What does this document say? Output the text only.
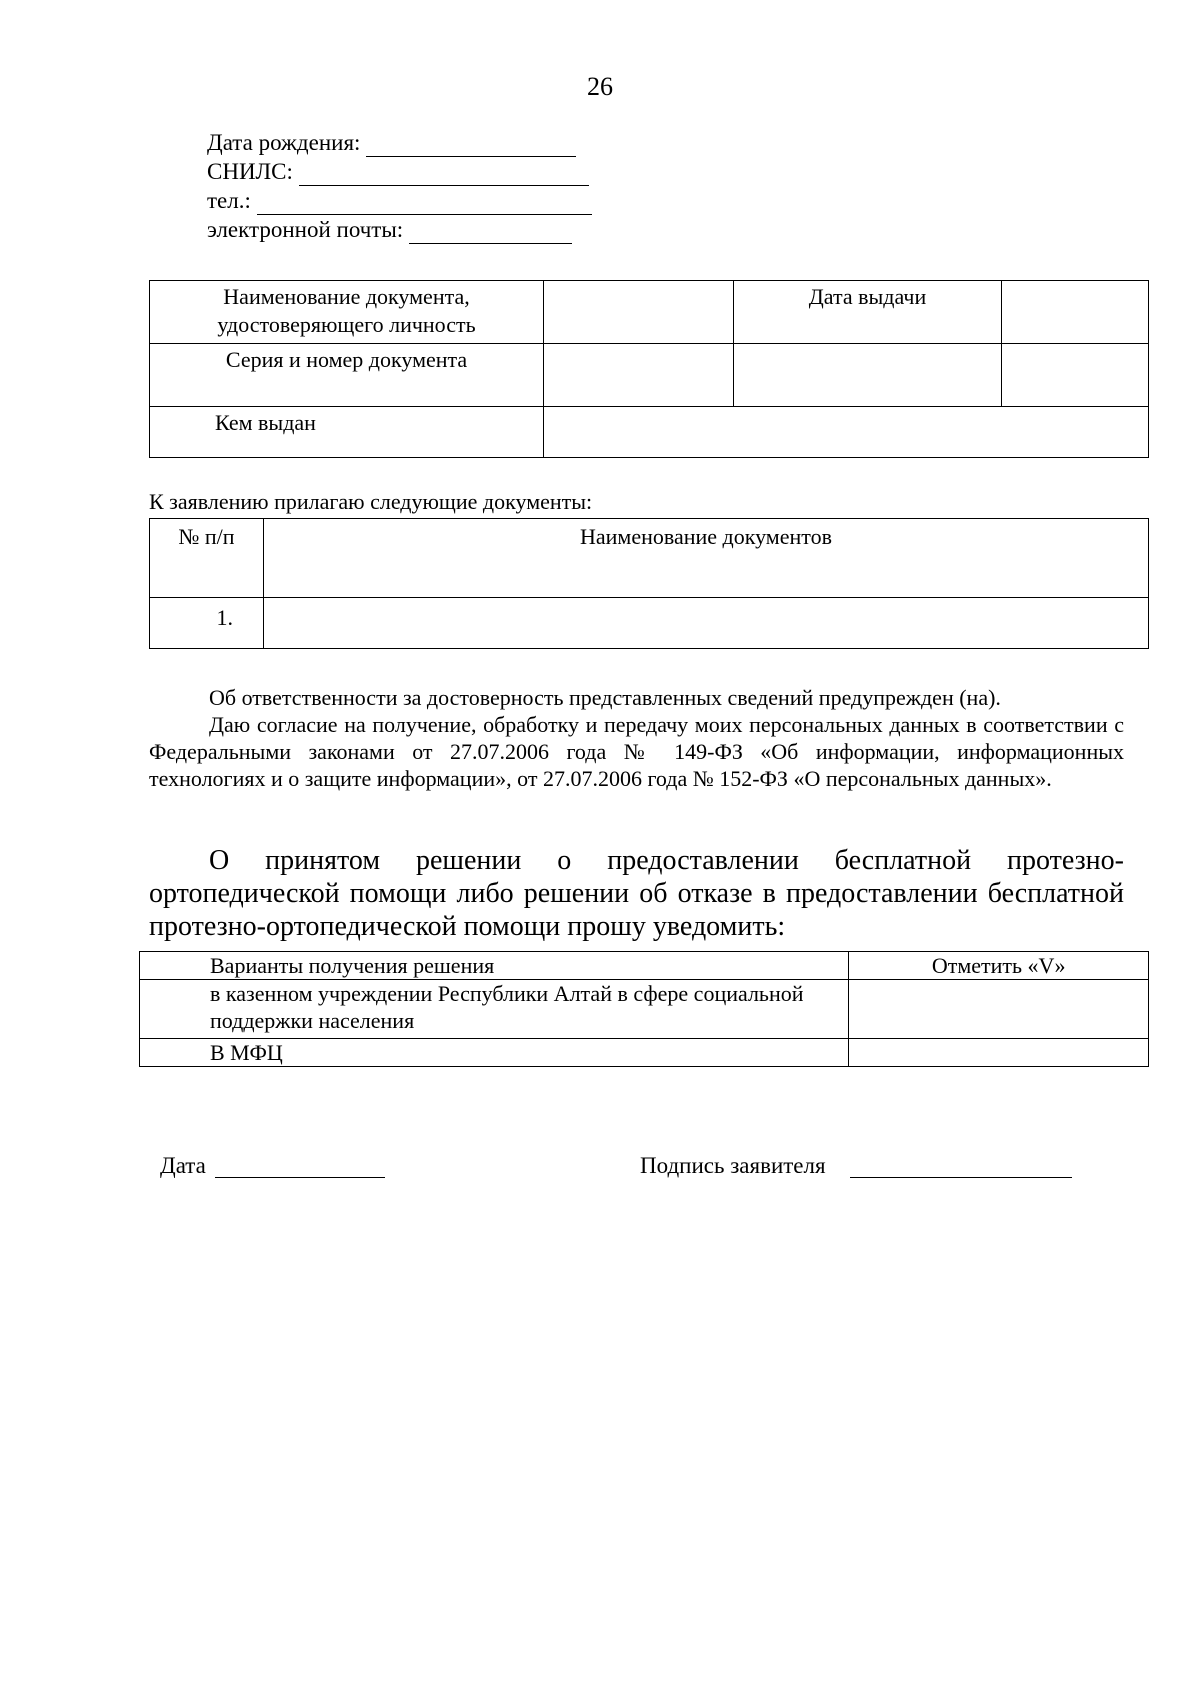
26
Дата рождения:
СНИЛС:
тел.:
электронной почты:
Наименование документа, удостоверяющего личность		Дата выдачи	
Серия и номер документа			
Кем выдан			
К заявлению прилагаю следующие документы:
№ п/п	Наименование документов
1.	
Об ответственности за достоверность представленных сведений предупрежден (на).
Даю согласие на получение, обработку и передачу моих персональных данных в соответствии с Федеральными законами от 27.07.2006 года № 149-ФЗ «Об информации, информационных технологиях и о защите информации», от 27.07.2006 года № 152-ФЗ «О персональных данных».
О принятом решении о предоставлении бесплатной протезно-ортопедической помощи либо решении об отказе в предоставлении бесплатной протезно-ортопедической помощи прошу уведомить:
Варианты получения решения	Отметить «V»
в казенном учреждении Республики Алтай в сфере социальной поддержки населения	
В МФЦ	
Дата	Подпись заявителя
